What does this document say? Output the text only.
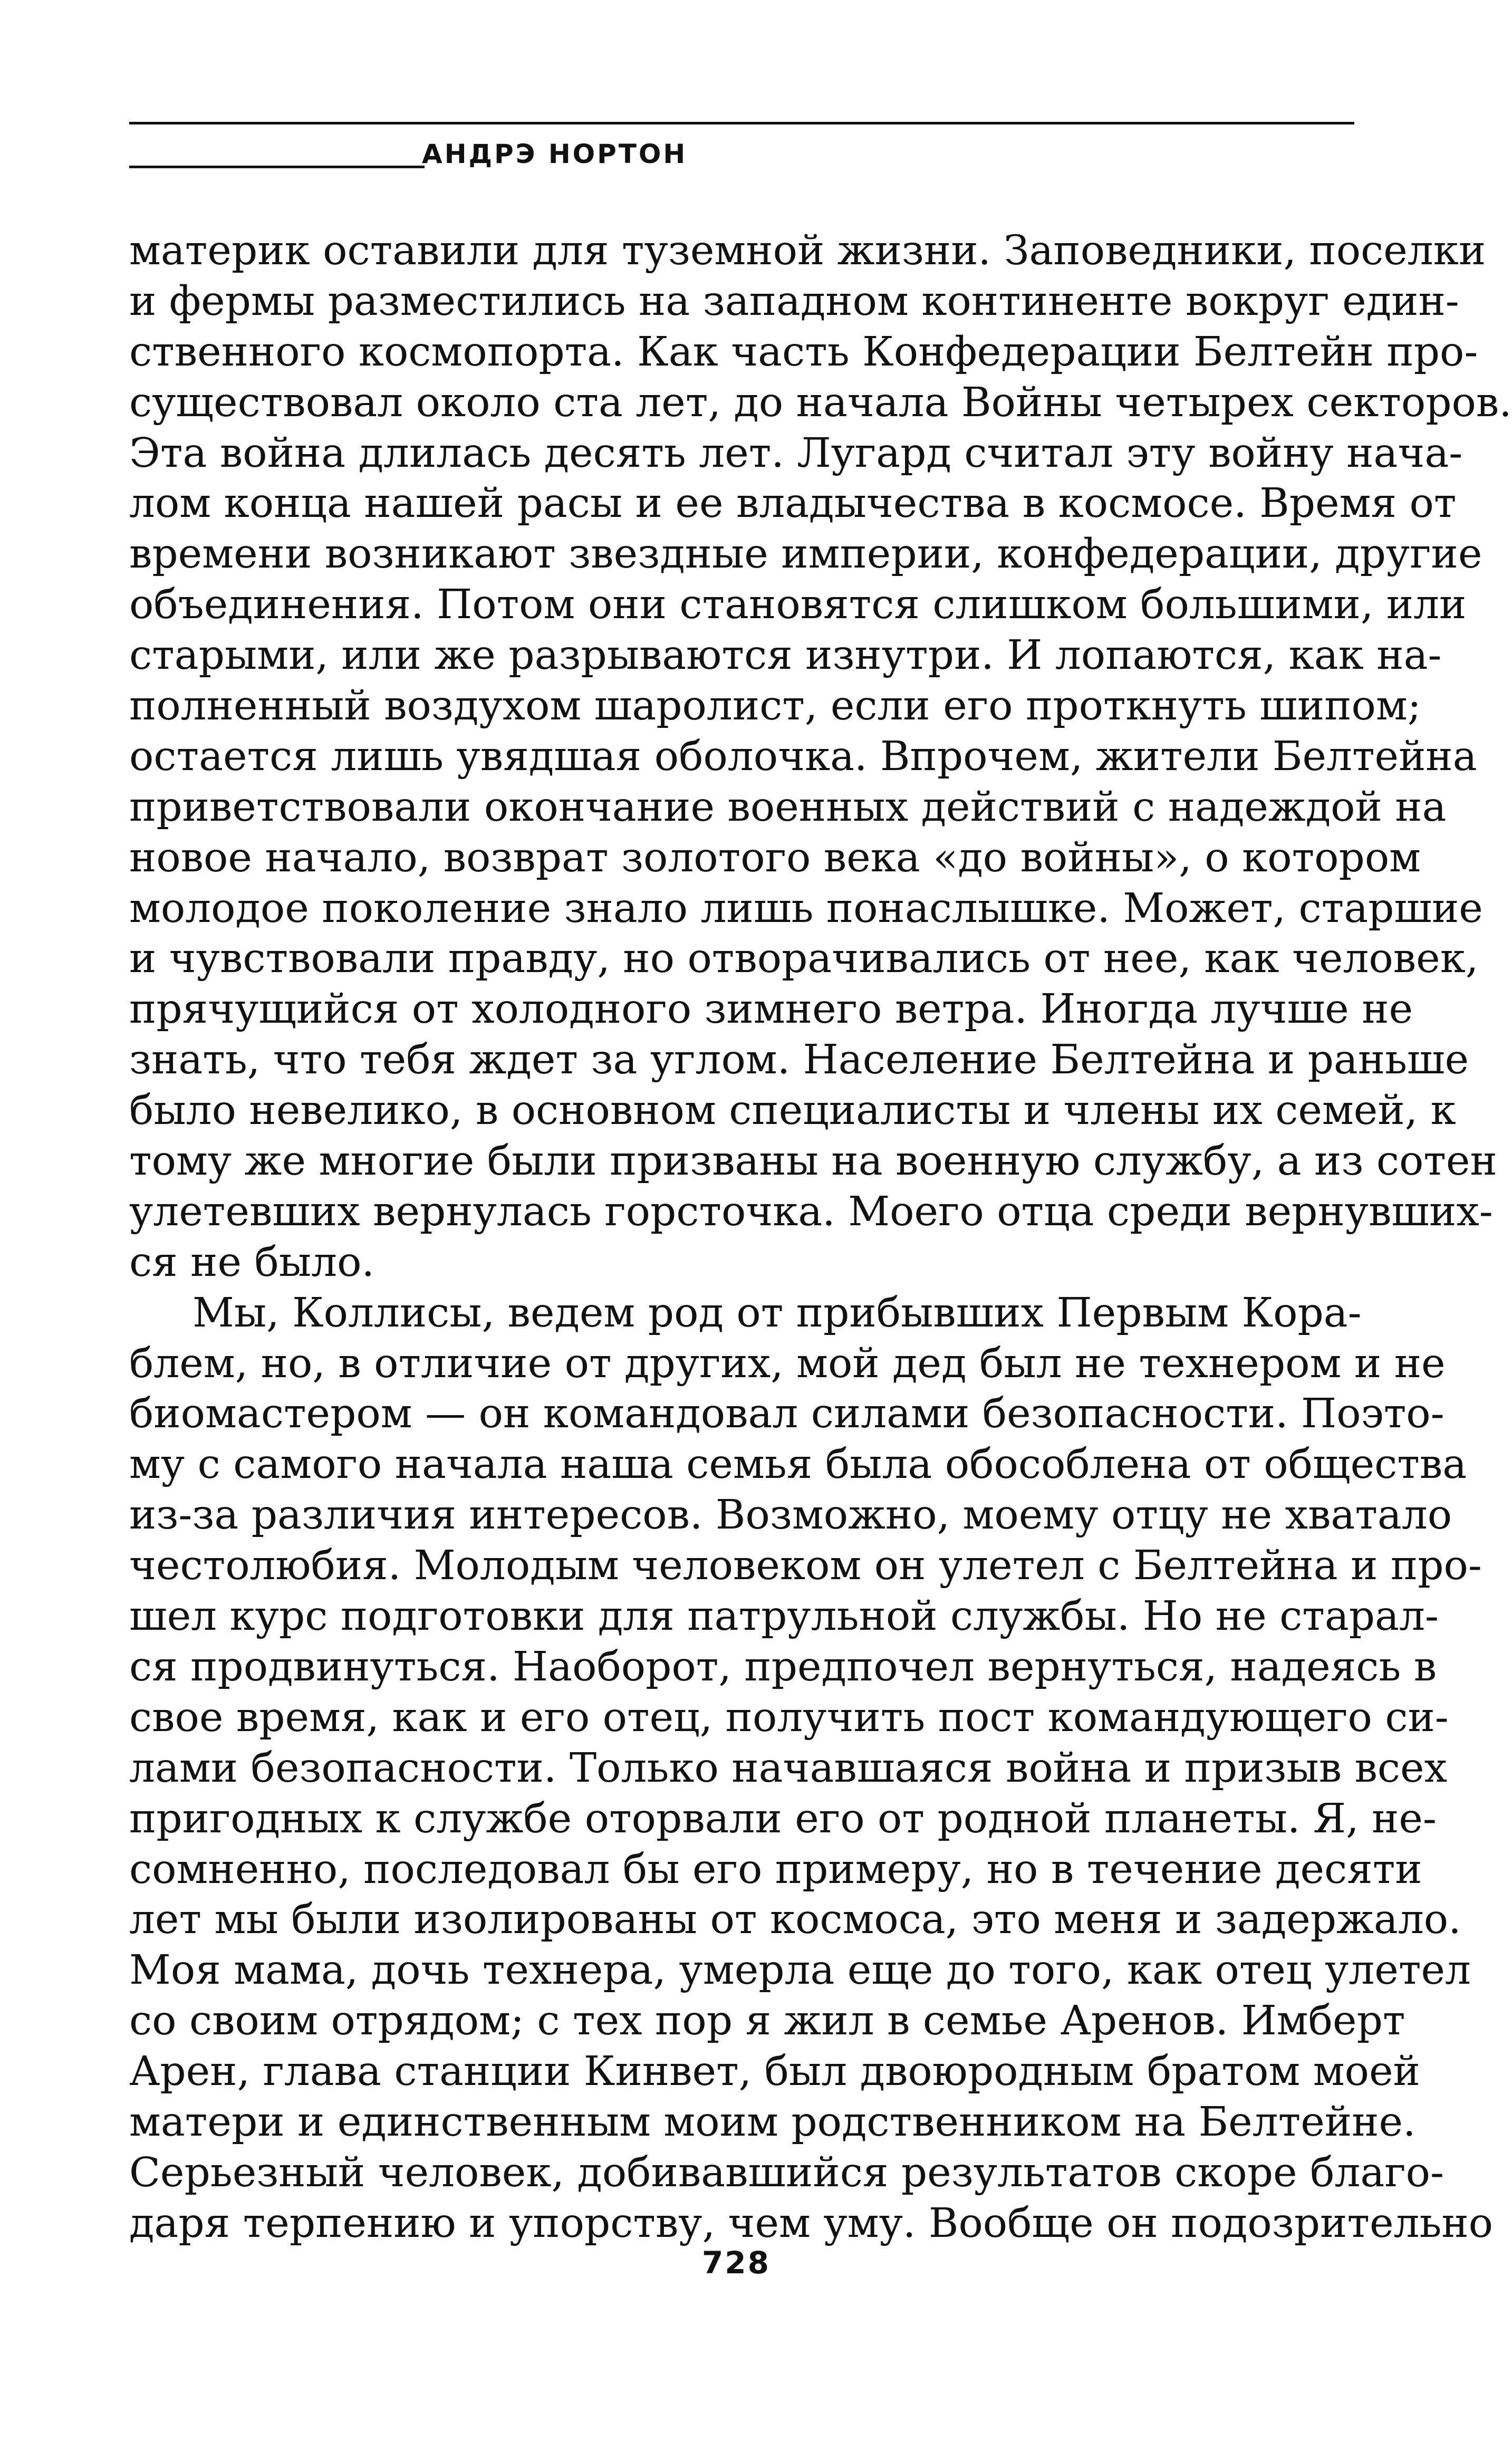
АНДРЭ НОРТОН
материк оставили для туземной жизни. Заповедники, поселки
и фермы разместились на западном континенте вокруг един-
ственного космопорта. Как часть Конфедерации Белтейн про-
существовал около ста лет, до начала Войны четырех секторов.
Эта война длилась десять лет. Лугард считал эту войну нача-
лом конца нашей расы и ее владычества в космосе. Время от
времени возникают звездные империи, конфедерации, другие
объединения. Потом они становятся слишком большими, или
старыми, или же разрываются изнутри. И лопаются, как на-
полненный воздухом шаролист, если его проткнуть шипом;
остается лишь увядшая оболочка. Впрочем, жители Белтейна
приветствовали окончание военных действий с надеждой на
новое начало, возврат золотого века «до войны», о котором
молодое поколение знало лишь понаслышке. Может, старшие
и чувствовали правду, но отворачивались от нее, как человек,
прячущийся от холодного зимнего ветра. Иногда лучше не
знать, что тебя ждет за углом. Население Белтейна и раньше
было невелико, в основном специалисты и члены их семей, к
тому же многие были призваны на военную службу, а из сотен
улетевших вернулась горсточка. Моего отца среди вернувших-
ся не было.
Мы, Коллисы, ведем род от прибывших Первым Кора-
блем, но, в отличие от других, мой дед был не технером и не
биомастером — он командовал силами безопасности. Поэто-
му с самого начала наша семья была обособлена от общества
из-за различия интересов. Возможно, моему отцу не хватало
честолюбия. Молодым человеком он улетел с Белтейна и про-
шел курс подготовки для патрульной службы. Но не старал-
ся продвинуться. Наоборот, предпочел вернуться, надеясь в
свое время, как и его отец, получить пост командующего си-
лами безопасности. Только начавшаяся война и призыв всех
пригодных к службе оторвали его от родной планеты. Я, не-
сомненно, последовал бы его примеру, но в течение десяти
лет мы были изолированы от космоса, это меня и задержало.
Моя мама, дочь технера, умерла еще до того, как отец улетел
со своим отрядом; с тех пор я жил в семье Аренов. Имберт
Арен, глава станции Кинвет, был двоюродным братом моей
матери и единственным моим родственником на Белтейне.
Серьезный человек, добивавшийся результатов скоре благо-
даря терпению и упорству, чем уму. Вообще он подозрительно
728
